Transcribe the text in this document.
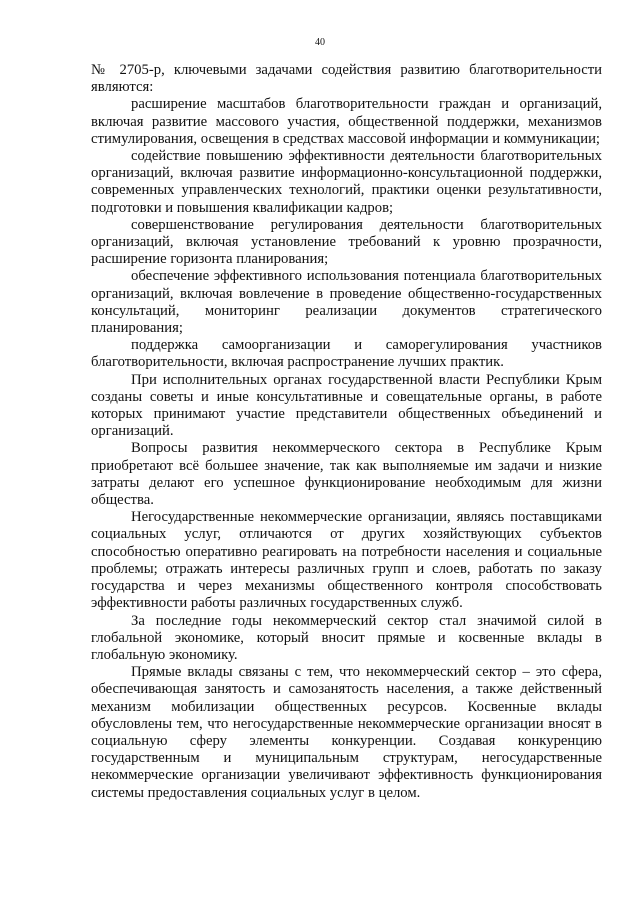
40

№ 2705-р, ключевыми задачами содействия развитию благотворительности являются:

расширение масштабов благотворительности граждан и организаций, включая развитие массового участия, общественной поддержки, механизмов стимулирования, освещения в средствах массовой информации и коммуникации;

содействие повышению эффективности деятельности благотворительных организаций, включая развитие информационно-консультационной поддержки, современных управленческих технологий, практики оценки результативности, подготовки и повышения квалификации кадров;

совершенствование регулирования деятельности благотворительных организаций, включая установление требований к уровню прозрачности, расширение горизонта планирования;

обеспечение эффективного использования потенциала благотворительных организаций, включая вовлечение в проведение общественно-государственных консультаций, мониторинг реализации документов стратегического планирования;

поддержка самоорганизации и саморегулирования участников благотворительности, включая распространение лучших практик.

При исполнительных органах государственной власти Республики Крым созданы советы и иные консультативные и совещательные органы, в работе которых принимают участие представители общественных объединений и организаций.

Вопросы развития некоммерческого сектора в Республике Крым приобретают всё большее значение, так как выполняемые им задачи и низкие затраты делают его успешное функционирование необходимым для жизни общества.

Негосударственные некоммерческие организации, являясь поставщиками социальных услуг, отличаются от других хозяйствующих субъектов способностью оперативно реагировать на потребности населения и социальные проблемы; отражать интересы различных групп и слоев, работать по заказу государства и через механизмы общественного контроля способствовать эффективности работы различных государственных служб.

За последние годы некоммерческий сектор стал значимой силой в глобальной экономике, который вносит прямые и косвенные вклады в глобальную экономику.

Прямые вклады связаны с тем, что некоммерческий сектор – это сфера, обеспечивающая занятость и самозанятость населения, а также действенный механизм мобилизации общественных ресурсов. Косвенные вклады обусловлены тем, что негосударственные некоммерческие организации вносят в социальную сферу элементы конкуренции. Создавая конкуренцию государственным и муниципальным структурам, негосударственные некоммерческие организации увеличивают эффективность функционирования системы предоставления социальных услуг в целом.
